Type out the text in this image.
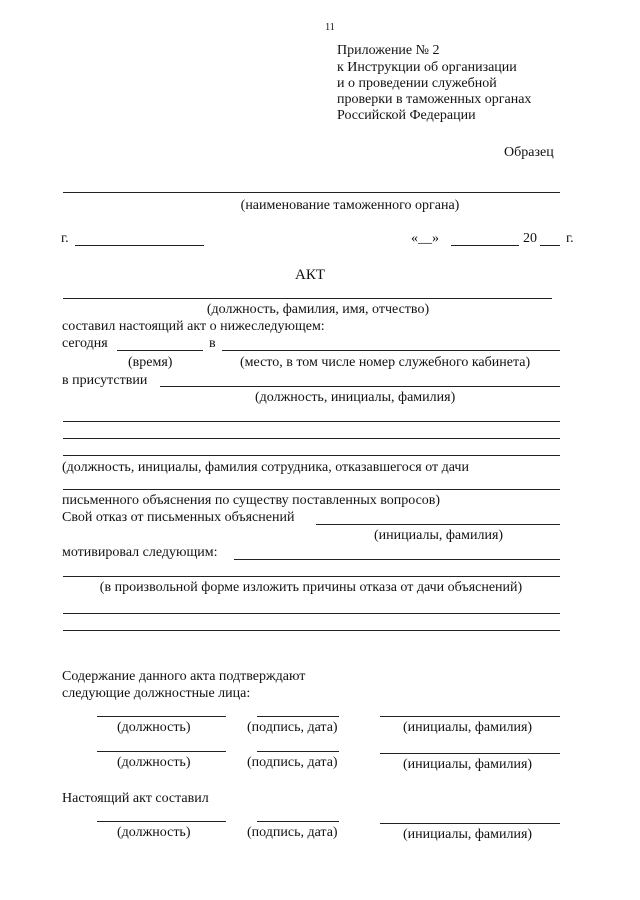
11
Приложение № 2
к Инструкции об организации
и о проведении служебной
проверки в таможенных органах
Российской Федерации
Образец
(наименование таможенного органа)
г.	«__»	20 г.
АКТ
(должность, фамилия, имя, отчество)
составил настоящий акт о нижеследующем:
сегодня	в
(время)	(место, в том числе номер служебного кабинета)
в присутствии
(должность, инициалы, фамилия)
(должность, инициалы, фамилия сотрудника, отказавшегося от дачи
письменного объяснения по существу поставленных вопросов)
Свой отказ от письменных объяснений
(инициалы, фамилия)
мотивировал следующим:
(в произвольной форме изложить причины отказа от дачи объяснений)
Содержание данного акта подтверждают
следующие должностные лица:
(должность)	(подпись, дата)	(инициалы, фамилия)
(должность)	(подпись, дата)	(инициалы, фамилия)
Настоящий акт составил
(должность)	(подпись, дата)	(инициалы, фамилия)
